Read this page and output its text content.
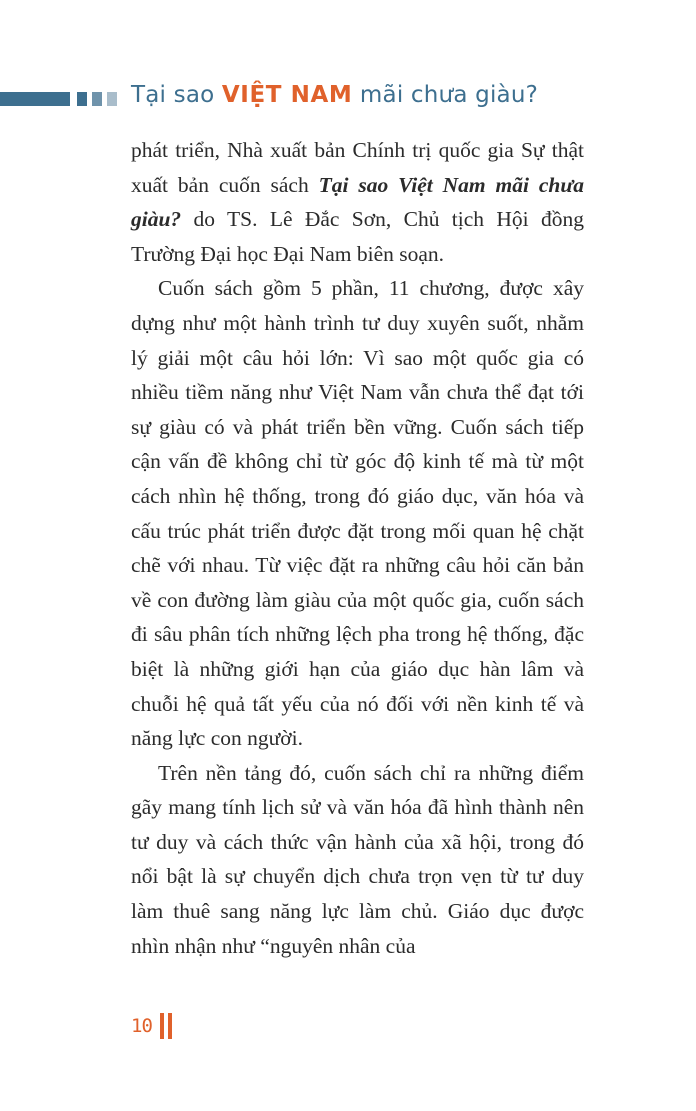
Tại sao VIỆT NAM mãi chưa giàu?

phát triển, Nhà xuất bản Chính trị quốc gia Sự thật xuất bản cuốn sách Tại sao Việt Nam mãi chưa giàu? do TS. Lê Đắc Sơn, Chủ tịch Hội đồng Trường Đại học Đại Nam biên soạn.

Cuốn sách gồm 5 phần, 11 chương, được xây dựng như một hành trình tư duy xuyên suốt, nhằm lý giải một câu hỏi lớn: Vì sao một quốc gia có nhiều tiềm năng như Việt Nam vẫn chưa thể đạt tới sự giàu có và phát triển bền vững. Cuốn sách tiếp cận vấn đề không chỉ từ góc độ kinh tế mà từ một cách nhìn hệ thống, trong đó giáo dục, văn hóa và cấu trúc phát triển được đặt trong mối quan hệ chặt chẽ với nhau. Từ việc đặt ra những câu hỏi căn bản về con đường làm giàu của một quốc gia, cuốn sách đi sâu phân tích những lệch pha trong hệ thống, đặc biệt là những giới hạn của giáo dục hàn lâm và chuỗi hệ quả tất yếu của nó đối với nền kinh tế và năng lực con người.

Trên nền tảng đó, cuốn sách chỉ ra những điểm gãy mang tính lịch sử và văn hóa đã hình thành nên tư duy và cách thức vận hành của xã hội, trong đó nổi bật là sự chuyển dịch chưa trọn vẹn từ tư duy làm thuê sang năng lực làm chủ. Giáo dục được nhìn nhận như “nguyên nhân của

10
